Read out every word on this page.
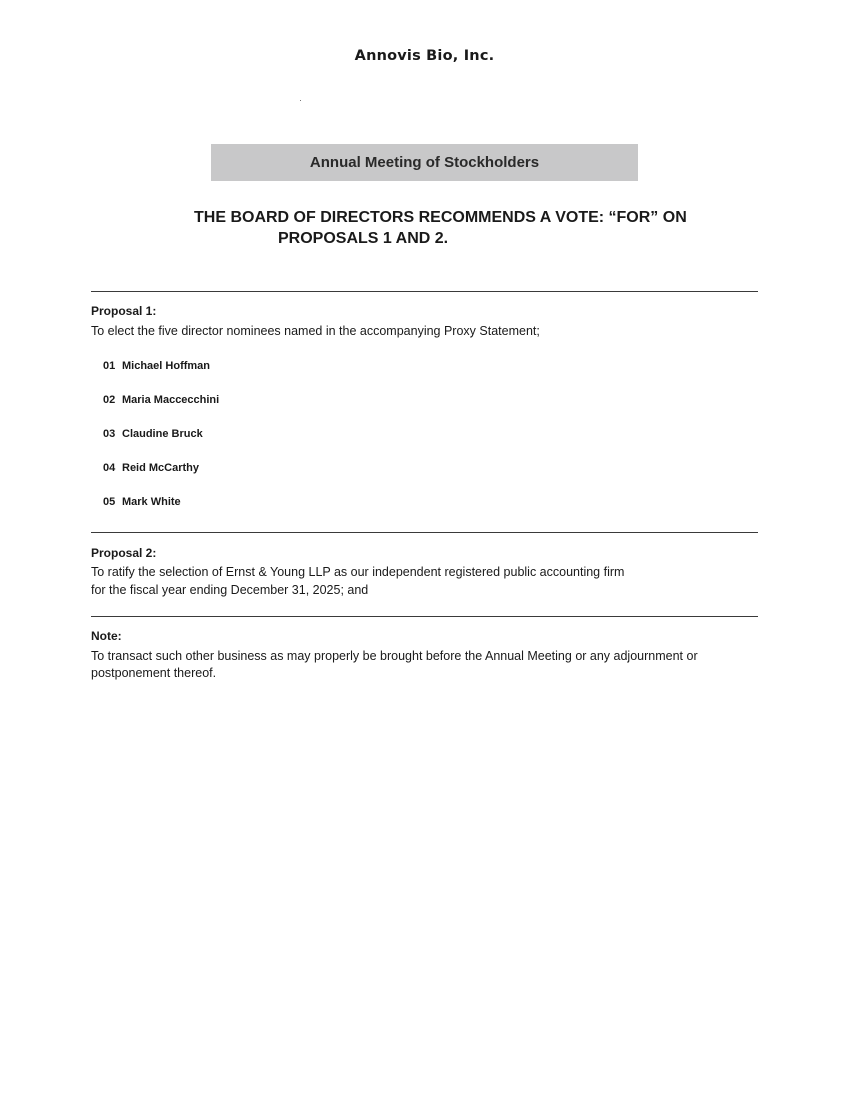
Annovis Bio, Inc.
Annual Meeting of Stockholders
THE BOARD OF DIRECTORS RECOMMENDS A VOTE: “FOR” ON
PROPOSALS 1 AND 2.
Proposal 1:
To elect the five director nominees named in the accompanying Proxy Statement;
01 Michael Hoffman
02 Maria Maccecchini
03 Claudine Bruck
04 Reid McCarthy
05 Mark White
Proposal 2:
To ratify the selection of Ernst & Young LLP as our independent registered public accounting firm
for the fiscal year ending December 31, 2025; and
Note:
To transact such other business as may properly be brought before the Annual Meeting or any adjournment or
postponement thereof.
